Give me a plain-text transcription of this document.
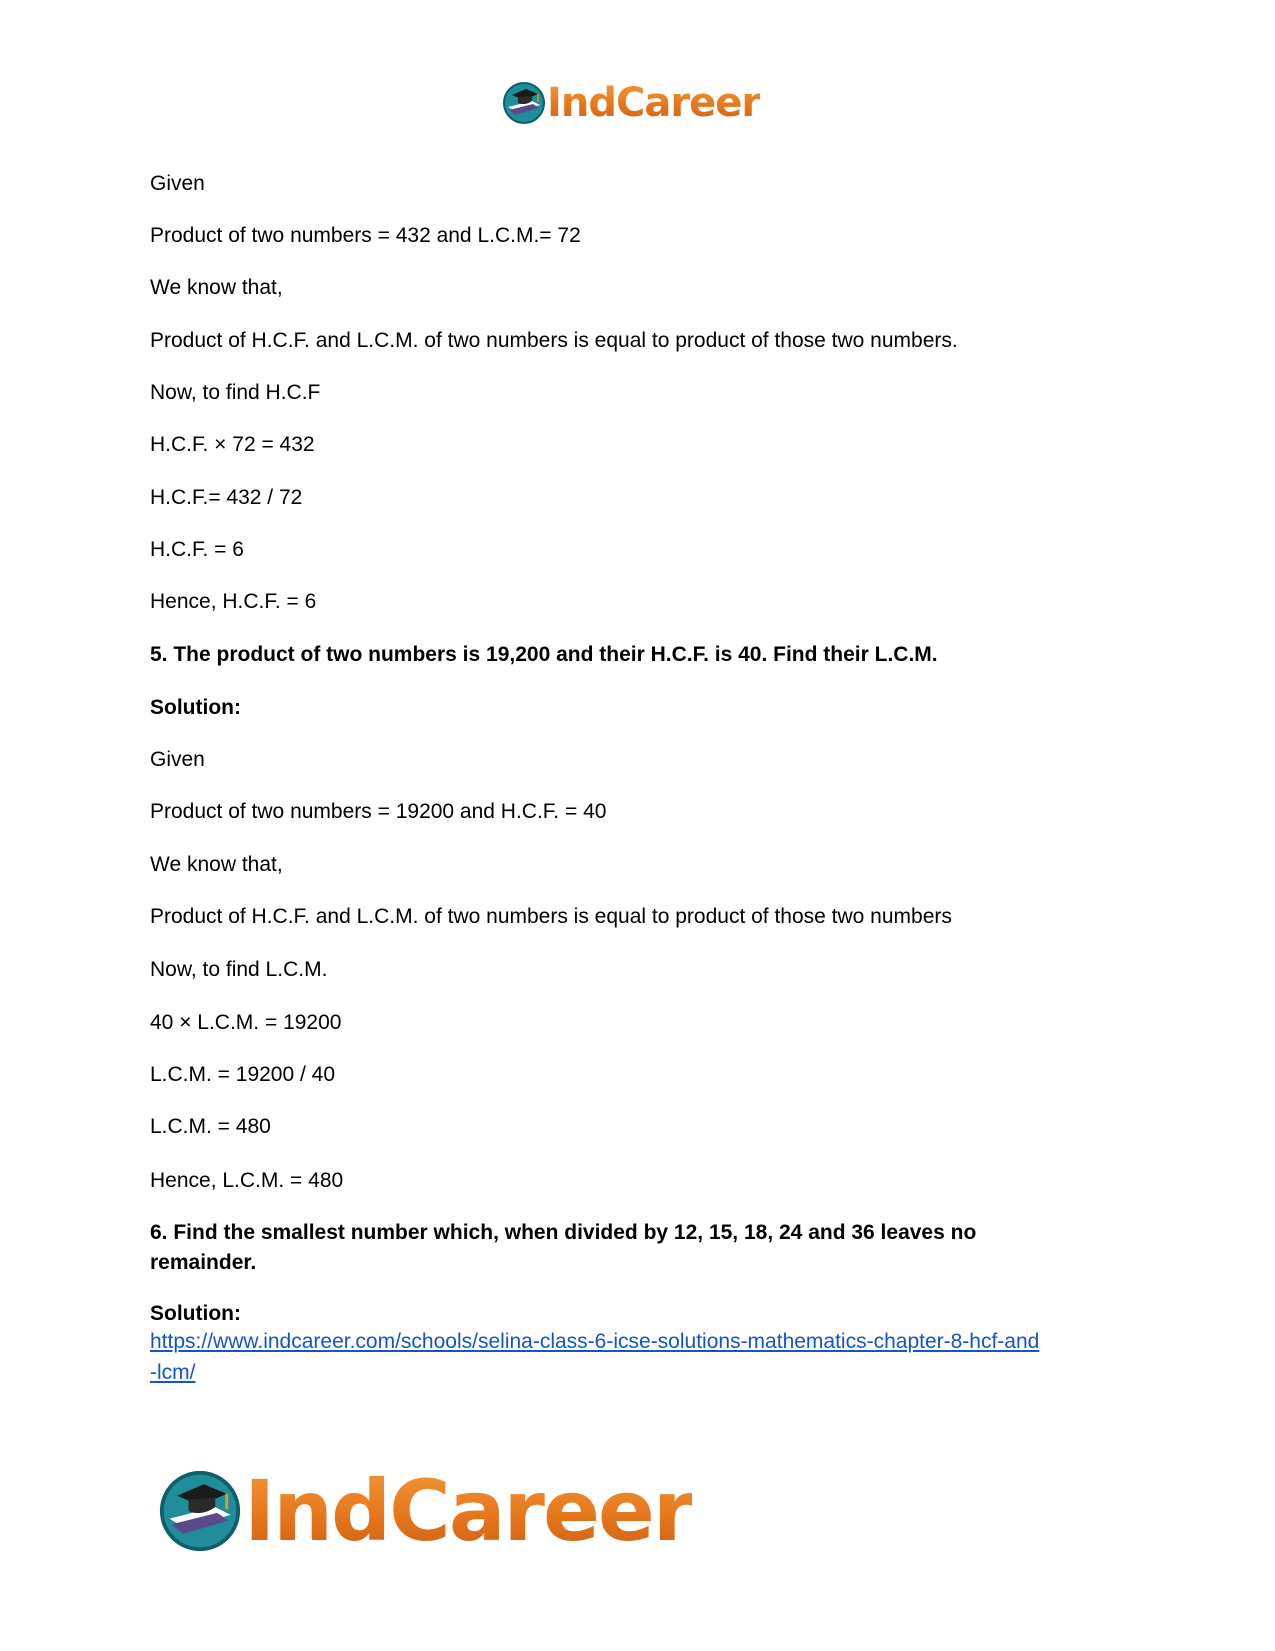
IndCareer
Given
Product of two numbers = 432 and L.C.M.= 72
We know that,
Product of H.C.F. and L.C.M. of two numbers is equal to product of those two numbers.
Now, to find H.C.F
H.C.F. × 72 = 432
H.C.F.= 432 / 72
H.C.F. = 6
Hence, H.C.F. = 6
5. The product of two numbers is 19,200 and their H.C.F. is 40. Find their L.C.M.
Solution:
Given
Product of two numbers = 19200 and H.C.F. = 40
We know that,
Product of H.C.F. and L.C.M. of two numbers is equal to product of those two numbers
Now, to find L.C.M.
40 × L.C.M. = 19200
L.C.M. = 19200 / 40
L.C.M. = 480
Hence, L.C.M. = 480
6. Find the smallest number which, when divided by 12, 15, 18, 24 and 36 leaves no
remainder.
Solution:
https://www.indcareer.com/schools/selina-class-6-icse-solutions-mathematics-chapter-8-hcf-and
-lcm/
IndCareer
